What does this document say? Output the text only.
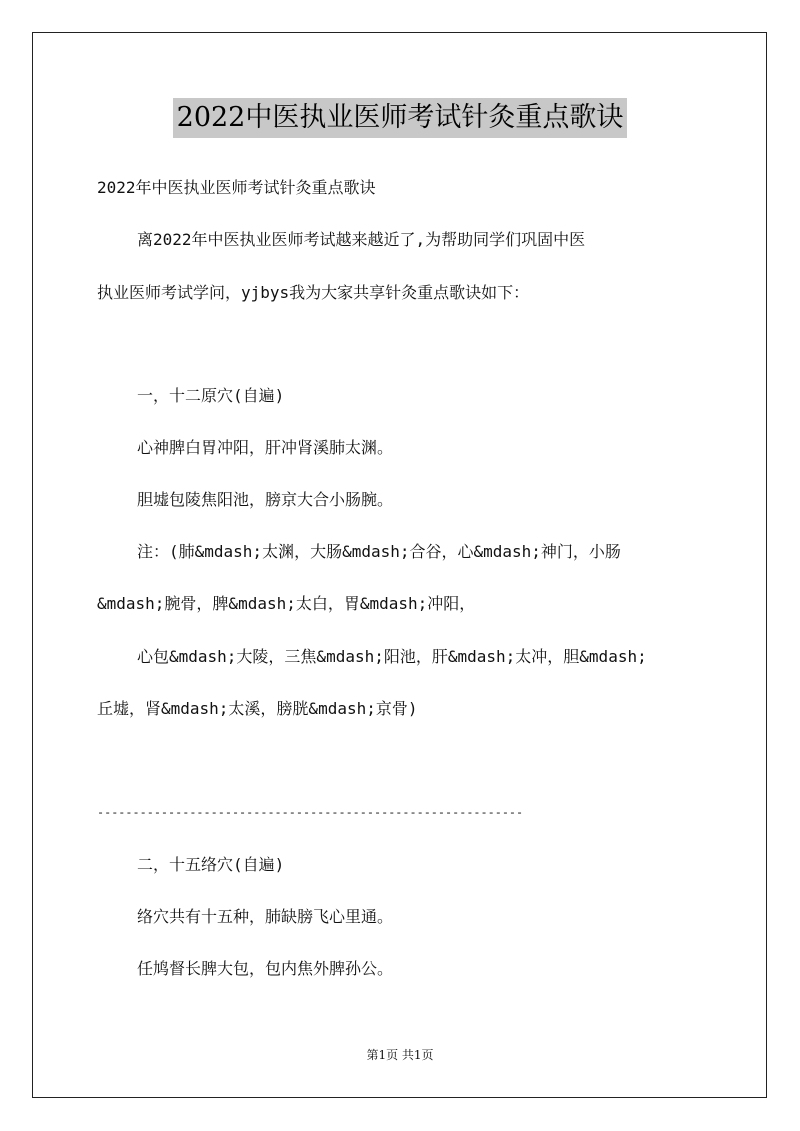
2022中医执业医师考试针灸重点歌诀
2022年中医执业医师考试针灸重点歌诀
离2022年中医执业医师考试越来越近了,为帮助同学们巩固中医
执业医师考试学问，yjbys我为大家共享针灸重点歌诀如下：
一，十二原穴(自遍)
心神脾白胃冲阳，肝冲肾溪肺太渊。
胆墟包陵焦阳池，膀京大合小肠腕。
注：(肺&mdash;太渊，大肠&mdash;合谷，心&mdash;神门，小肠
&mdash;腕骨，脾&mdash;太白，胃&mdash;冲阳，
心包&mdash;大陵，三焦&mdash;阳池，肝&mdash;太冲，胆&mdash;
丘墟，肾&mdash;太溪，膀胱&mdash;京骨)
------------------------------------------------------------
二，十五络穴(自遍)
络穴共有十五种，肺缺膀飞心里通。
任鸠督长脾大包，包内焦外脾孙公。
第1页 共1页
